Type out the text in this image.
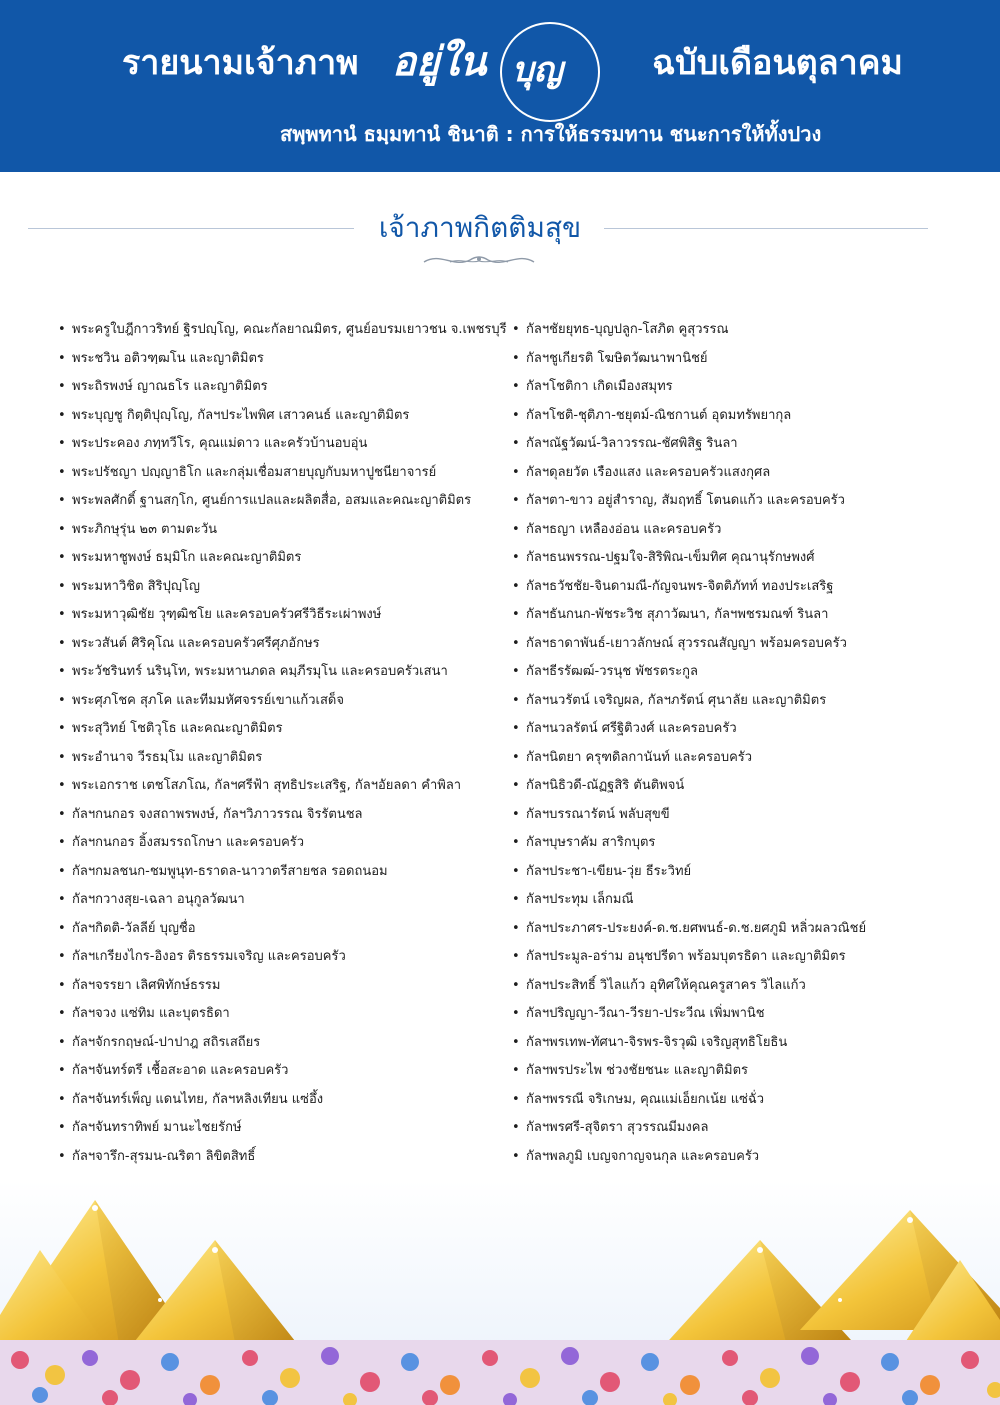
รายนามเจ้าภาพ อยู่ใน บุญ	ฉบับเดือนตุลาคม
สพฺพทานํ ธมฺมทานํ ชินาติ : การให้ธรรมทาน ชนะการให้ทั้งปวง
เจ้าภาพกิตติมสุข
• พระครูใบฎีกาวริทย์ ฐิรปญฺโญ, คณะกัลยาณมิตร, ศูนย์อบรมเยาวชน จ.เพชรบุรี
• พระชวิน อติวฑฺฒโน และญาติมิตร
• พระถิรพงษ์ ญาณธโร และญาติมิตร
• พระบุญชู กิตฺติปุญฺโญ, กัลฯประไพพิศ เสาวคนธ์ และญาติมิตร
• พระประคอง ภทฺทวีโร, คุณแม่ดาว และครัวบ้านอบอุ่น
• พระปรัชญา ปญฺญาธิโก และกลุ่มเชื่อมสายบุญกับมหาปูชนียาจารย์
• พระพลศักดิ์ ฐานสกฺโก, ศูนย์การแปลและผลิตสื่อ, อสมและคณะญาติมิตร
• พระภิกษุรุ่น ๒๓ ตามตะวัน
• พระมหาชูพงษ์ ธมฺมิโก และคณะญาติมิตร
• พระมหาวิชิต สิริปุญฺโญ
• พระมหาวุฒิชัย วุฑฺฒิชโย และครอบครัวศรีวิธีระเผ่าพงษ์
• พระวสันต์ ศิริคุโณ และครอบครัวศรีศุภอักษร
• พระวัชรินทร์ นรินฺโท, พระมหานภดล คมฺภีรมุโน และครอบครัวเสนา
• พระศุภโชค สุภโค และทีมมหัศจรรย์เขาแก้วเสด็จ
• พระสุวิทย์ โชติวุโธ และคณะญาติมิตร
• พระอำนาจ วีรธมฺโม และญาติมิตร
• พระเอกราช เตชโสภโณ, กัลฯศรีฟ้า สุทธิประเสริฐ, กัลฯอัยลดา คำพิลา
• กัลฯกนกอร จงสถาพรพงษ์, กัลฯวิภาวรรณ จิรรัตนชล
• กัลฯกนกอร อิ้งสมรรถโกษา และครอบครัว
• กัลฯกมลชนก-ชมพูนุท-ธราดล-นาวาตรีสายชล รอดถนอม
• กัลฯกวางสุย-เฉลา อนุกูลวัฒนา
• กัลฯกิตติ-วัลลีย์ บุญชื่อ
• กัลฯเกรียงไกร-อิงอร ติรธรรมเจริญ และครอบครัว
• กัลฯจรรยา เลิศพิทักษ์ธรรม
• กัลฯจวง แซ่ทิม และบุตรธิดา
• กัลฯจักรกฤษณ์-ปาปาฎ สถิรเสถียร
• กัลฯจันทร์ตรี เชื้อสะอาด และครอบครัว
• กัลฯจันทร์เพ็ญ แดนไทย, กัลฯหลิงเทียน แซ่อึ้ง
• กัลฯจันทราทิพย์ มานะไชยรักษ์
• กัลฯจารึก-สุรมน-ณริตา ลิขิตสิทธิ์
• กัลฯชัยยุทธ-บุญปลูก-โสภิต คูสุวรรณ
• กัลฯชูเกียรติ โฆษิตวัฒนาพานิชย์
• กัลฯโชติกา เกิดเมืองสมุทร
• กัลฯโชติ-ชุติภา-ชยุตม์-ณิชกานต์ อุดมทรัพยากุล
• กัลฯณัฐวัฒน์-วิลาวรรณ-ชัศพิสิฐ รินลา
• กัลฯดุลยวัต เรืองแสง และครอบครัวแสงกุศล
• กัลฯตา-ขาว อยู่สำราญ, สัมฤทธิ์ โตนดแก้ว และครอบครัว
• กัลฯธญา เหลืองอ่อน และครอบครัว
• กัลฯธนพรรณ-ปฐมใจ-สิริพิณ-เข็มทิศ คุณานุรักษพงศ์
• กัลฯธวัชชัย-จินดามณี-กัญจนพร-จิตติภัทท์ ทองประเสริฐ
• กัลฯธันกนก-พัชระวิช สุภาวัฒนา, กัลฯพชรมณฑ์ รินลา
• กัลฯธาดาพันธ์-เยาวลักษณ์ สุวรรณสัญญา พร้อมครอบครัว
• กัลฯธีรรัฒฒ์-วรนุช พัชรตระกูล
• กัลฯนวรัตน์ เจริญผล, กัลฯภรัตน์ ศุนาลัย และญาติมิตร
• กัลฯนวลรัตน์ ศรีฐิติวงศ์ และครอบครัว
• กัลฯนิตยา ครุฑดิลกานันท์ และครอบครัว
• กัลฯนิธิวดี-ณัฏฐสิริ ตันติพจน์
• กัลฯบรรณารัตน์ พลับสุขขี
• กัลฯบุษราคัม สาริกบุตร
• กัลฯประชา-เขียน-วุ่ย ธีระวิทย์
• กัลฯประทุม เล็กมณี
• กัลฯประภาศร-ประยงค์-ด.ช.ยศพนธ์-ด.ช.ยศภูมิ หลิ่วผลวณิชย์
• กัลฯประมูล-อร่าม อนุชปรีดา พร้อมบุตรธิดา และญาติมิตร
• กัลฯประสิทธิ์ วิไลแก้ว อุทิศให้คุณครูสาคร วิไลแก้ว
• กัลฯปริญญา-วีณา-วีรยา-ประวีณ เพิ่มพานิช
• กัลฯพรเทพ-ทัศนา-จิรพร-จิรวุฒิ เจริญสุทธิโยธิน
• กัลฯพรประไพ ช่วงชัยชนะ และญาติมิตร
• กัลฯพรรณี จริเกษม, คุณแม่เอ็ยกเน้ย แซ่ฉั่ว
• กัลฯพรศรี-สุจิตรา สุวรรณมีมงคล
• กัลฯพลภูมิ เบญจกาญจนกุล และครอบครัว
